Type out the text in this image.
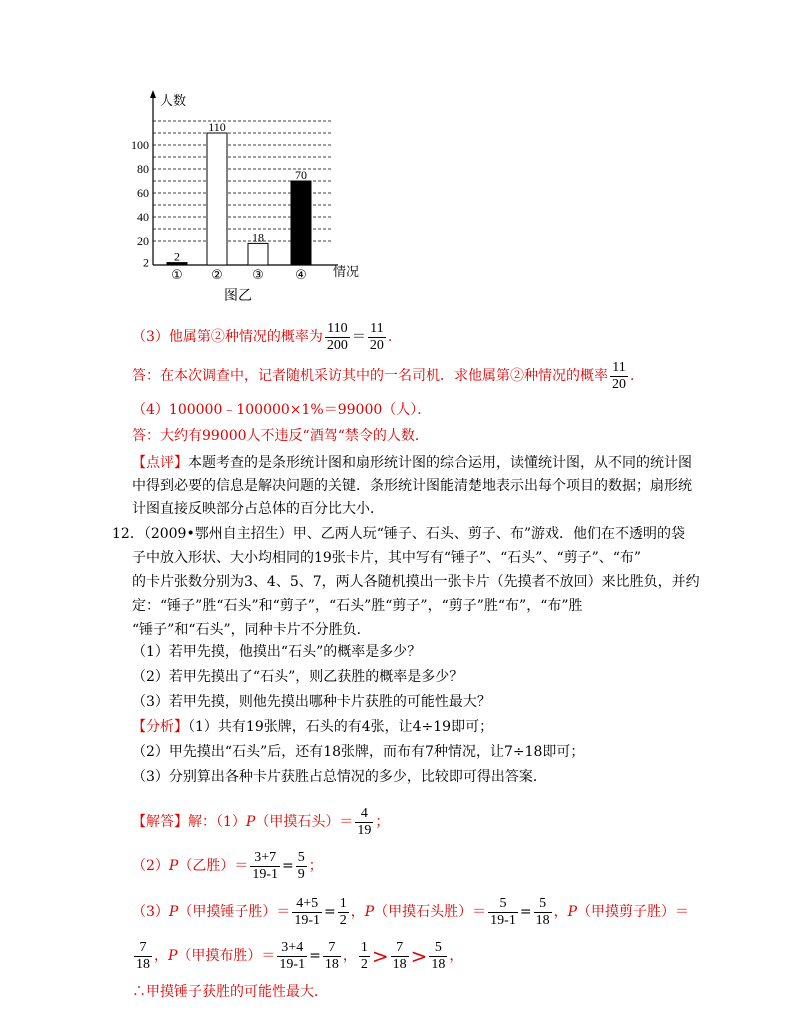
人数
2
20
40
60
80
100
2
110
18
70
① ② ③ ④ 情况
图乙
（3）他属第②种情况的概率为 $\frac{110}{200} = \frac{11}{20}$ .
答：在本次调查中，记者随机采访其中的一名司机．求他属第②种情况的概率 $\frac{11}{20}$ .
（4）100000﹣100000×1%＝99000（人）．
答：大约有99000人不违反“酒驾“禁令的人数．
【点评】本题考查的是条形统计图和扇形统计图的综合运用，读懂统计图，从不同的统计图
中得到必要的信息是解决问题的关键．条形统计图能清楚地表示出每个项目的数据；扇形统
计图直接反映部分占总体的百分比大小．
12．（2009•鄂州自主招生）甲、乙两人玩“锤子、石头、剪子、布”游戏．他们在不透明的袋
子中放入形状、大小均相同的19张卡片，其中写有“锤子”、“石头”、“剪子”、“布”
的卡片张数分别为3、4、5、7，两人各随机摸出一张卡片（先摸者不放回）来比胜负，并约
定：“锤子”胜“石头”和“剪子”，“石头”胜“剪子”，“剪子”胜“布”，“布”胜
“锤子”和“石头”，同种卡片不分胜负．
（1）若甲先摸，他摸出“石头”的概率是多少？
（2）若甲先摸出了“石头”，则乙获胜的概率是多少？
（3）若甲先摸，则他先摸出哪种卡片获胜的可能性最大？
【分析】（1）共有19张牌，石头的有4张，让4÷19即可；
（2）甲先摸出“石头”后，还有18张牌，而布有7种情况，让7÷18即可；
（3）分别算出各种卡片获胜占总情况的多少，比较即可得出答案．
【解答】解：（1）P（甲摸石头）＝ $\frac{4}{19}$ ；
（2）P（乙胜）＝ $\frac{3+7}{19-1} = \frac{5}{9}$ ；
（3）P（甲摸锤子胜）＝ $\frac{4+5}{19-1} = \frac{1}{2}$ ，P（甲摸石头胜）＝ $\frac{5}{19-1} = \frac{5}{18}$ ，P（甲摸剪子胜）＝
$\frac{7}{18}$ ，P（甲摸布胜）＝ $\frac{3+4}{19-1} = \frac{7}{18}$ ， $\frac{1}{2} > \frac{7}{18} > \frac{5}{18}$ ，
∴甲摸锤子获胜的可能性最大．
